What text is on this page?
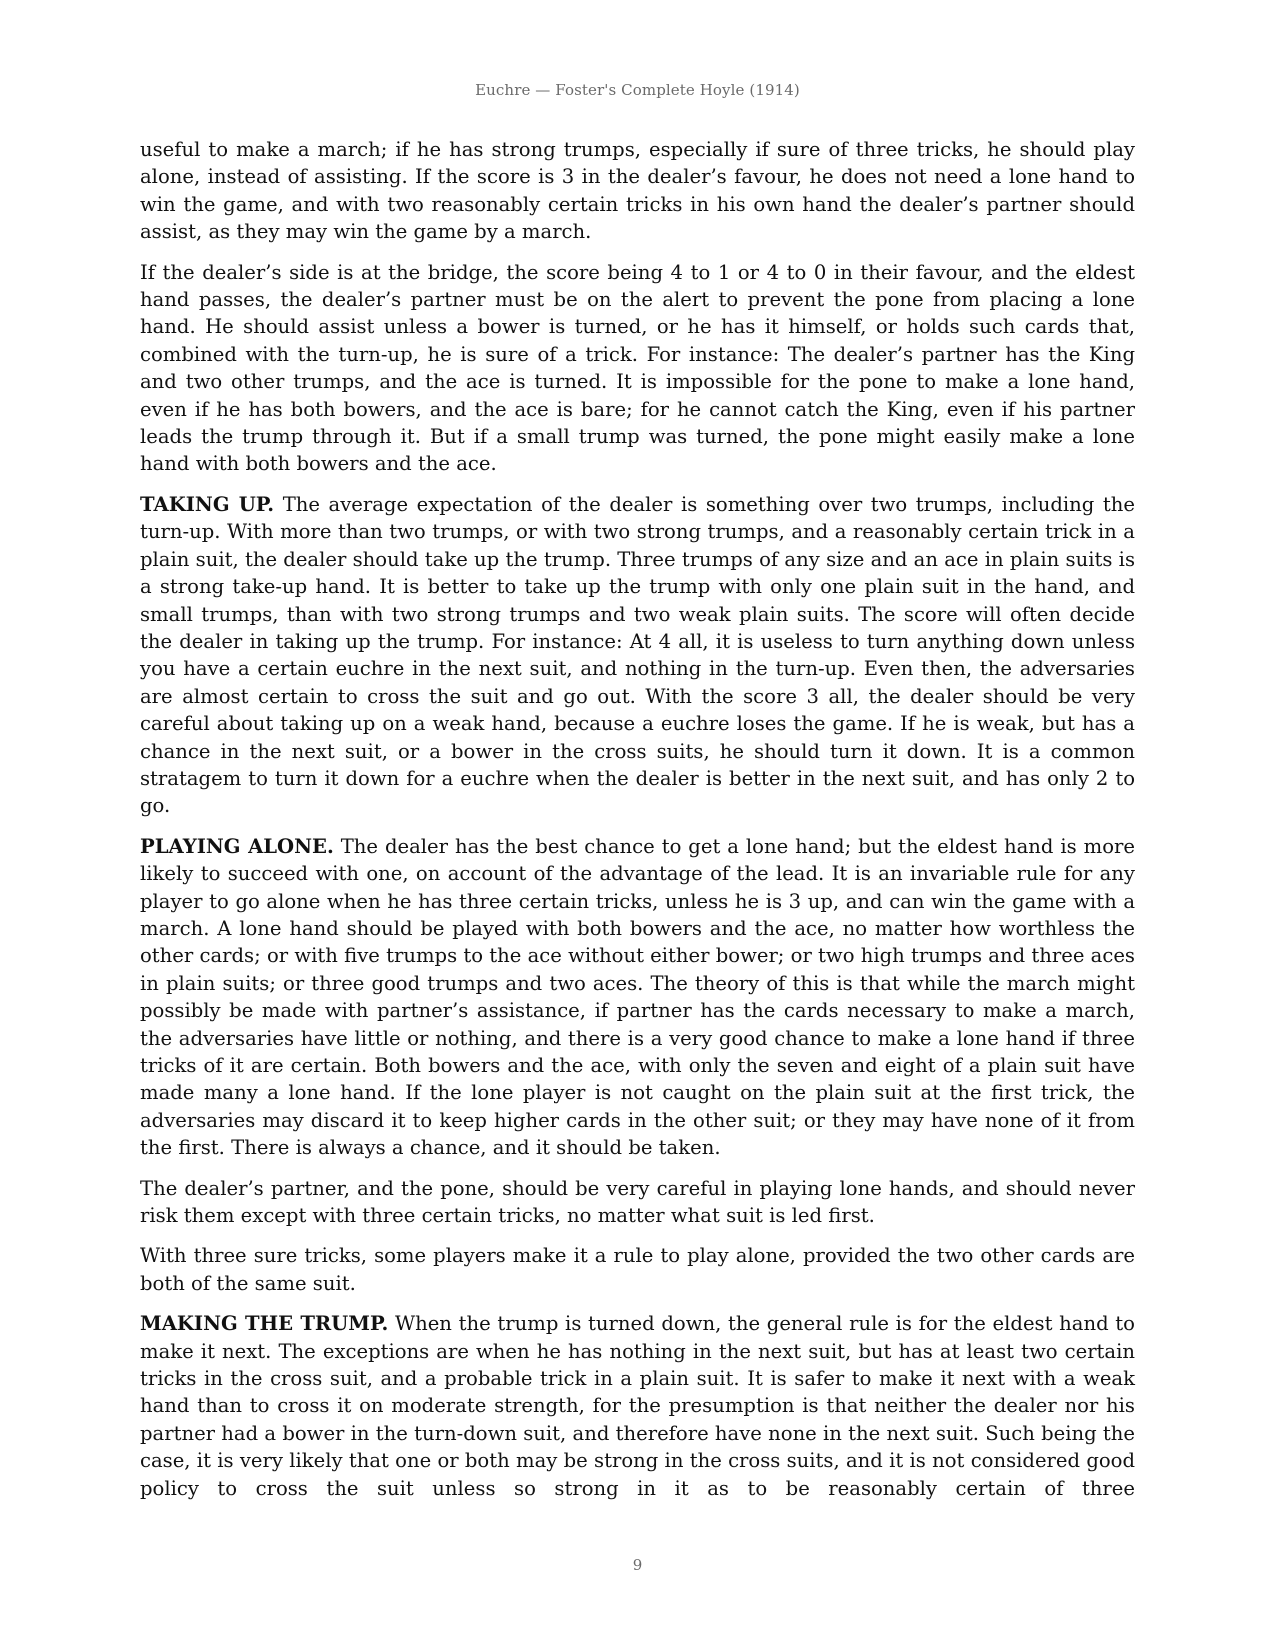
Euchre — Foster's Complete Hoyle (1914)

useful to make a march; if he has strong trumps, especially if sure of three tricks, he should play alone, instead of assisting. If the score is 3 in the dealer’s favour, he does not need a lone hand to win the game, and with two reasonably certain tricks in his own hand the dealer’s partner should assist, as they may win the game by a march.

If the dealer’s side is at the bridge, the score being 4 to 1 or 4 to 0 in their favour, and the eldest hand passes, the dealer’s partner must be on the alert to prevent the pone from placing a lone hand. He should assist unless a bower is turned, or he has it himself, or holds such cards that, combined with the turn-up, he is sure of a trick. For instance: The dealer’s partner has the King and two other trumps, and the ace is turned. It is impossible for the pone to make a lone hand, even if he has both bowers, and the ace is bare; for he cannot catch the King, even if his partner leads the trump through it. But if a small trump was turned, the pone might easily make a lone hand with both bowers and the ace.

TAKING UP. The average expectation of the dealer is something over two trumps, including the turn-up. With more than two trumps, or with two strong trumps, and a reasonably certain trick in a plain suit, the dealer should take up the trump. Three trumps of any size and an ace in plain suits is a strong take-up hand. It is better to take up the trump with only one plain suit in the hand, and small trumps, than with two strong trumps and two weak plain suits. The score will often decide the dealer in taking up the trump. For instance: At 4 all, it is useless to turn anything down unless you have a certain euchre in the next suit, and nothing in the turn-up. Even then, the adversaries are almost certain to cross the suit and go out. With the score 3 all, the dealer should be very careful about taking up on a weak hand, because a euchre loses the game. If he is weak, but has a chance in the next suit, or a bower in the cross suits, he should turn it down. It is a common stratagem to turn it down for a euchre when the dealer is better in the next suit, and has only 2 to go.

PLAYING ALONE. The dealer has the best chance to get a lone hand; but the eldest hand is more likely to succeed with one, on account of the advantage of the lead. It is an invariable rule for any player to go alone when he has three certain tricks, unless he is 3 up, and can win the game with a march. A lone hand should be played with both bowers and the ace, no matter how worthless the other cards; or with five trumps to the ace without either bower; or two high trumps and three aces in plain suits; or three good trumps and two aces. The theory of this is that while the march might possibly be made with partner’s assistance, if partner has the cards necessary to make a march, the adversaries have little or nothing, and there is a very good chance to make a lone hand if three tricks of it are certain. Both bowers and the ace, with only the seven and eight of a plain suit have made many a lone hand. If the lone player is not caught on the plain suit at the first trick, the adversaries may discard it to keep higher cards in the other suit; or they may have none of it from the first. There is always a chance, and it should be taken.

The dealer’s partner, and the pone, should be very careful in playing lone hands, and should never risk them except with three certain tricks, no matter what suit is led first.

With three sure tricks, some players make it a rule to play alone, provided the two other cards are both of the same suit.

MAKING THE TRUMP. When the trump is turned down, the general rule is for the eldest hand to make it next. The exceptions are when he has nothing in the next suit, but has at least two certain tricks in the cross suit, and a probable trick in a plain suit. It is safer to make it next with a weak hand than to cross it on moderate strength, for the presumption is that neither the dealer nor his partner had a bower in the turn-down suit, and therefore have none in the next suit. Such being the case, it is very likely that one or both may be strong in the cross suits, and it is not considered good policy to cross the suit unless so strong in it as to be reasonably certain of three

9
